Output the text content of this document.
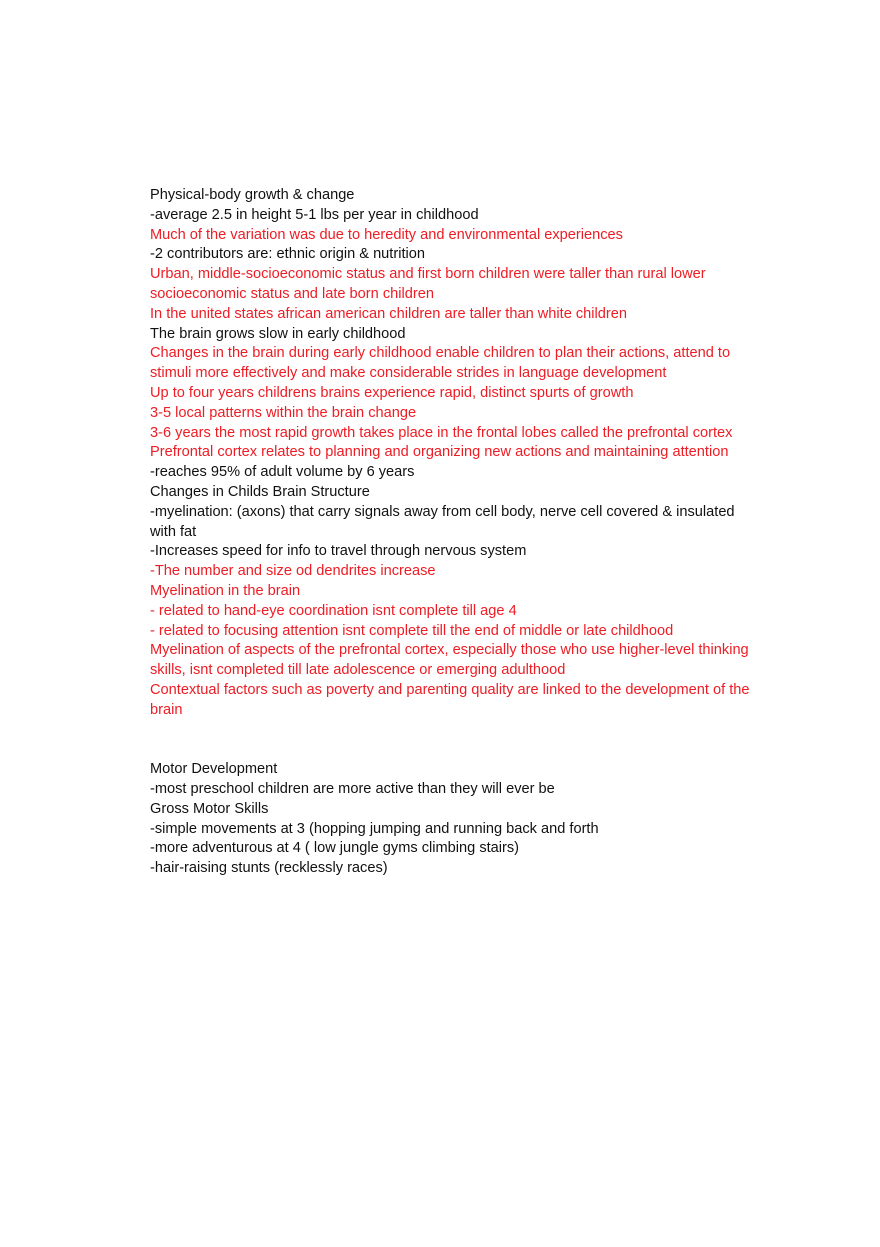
Physical-body growth & change

-average 2.5 in height 5-1 lbs per year in childhood

Much of the variation was due to heredity and environmental experiences

-2 contributors are: ethnic origin & nutrition

Urban, middle-socioeconomic status and first born children were taller than rural lower socioeconomic status and late born children

In the united states african american children are taller than white children

The brain grows slow in early childhood

Changes in the brain during early childhood enable children to plan their actions, attend to stimuli more effectively and make considerable strides in language development

Up to four years childrens brains experience rapid, distinct spurts of growth

3-5 local patterns within the brain change

3-6 years the most rapid growth takes place in the frontal lobes called the prefrontal cortex

Prefrontal cortex relates to planning and organizing new actions and maintaining attention

-reaches 95% of adult volume by 6 years

Changes in Childs Brain Structure

-myelination: (axons) that carry signals away from cell body, nerve cell covered & insulated with fat

-Increases speed for info to travel through nervous system

-The number and size od dendrites increase

Myelination in the brain

- related to hand-eye coordination isnt complete till age 4

- related to focusing attention isnt complete till the end of middle or late childhood

Myelination of aspects of the prefrontal cortex, especially those who use higher-level thinking skills, isnt completed till late adolescence or emerging adulthood

Contextual factors such as poverty and parenting quality are linked to the development of the brain

Motor Development

-most preschool children are more active than they will ever be

Gross Motor Skills

-simple movements at 3 (hopping jumping and running back and forth

-more adventurous at 4 ( low jungle gyms climbing stairs)

-hair-raising stunts (recklessly races)
